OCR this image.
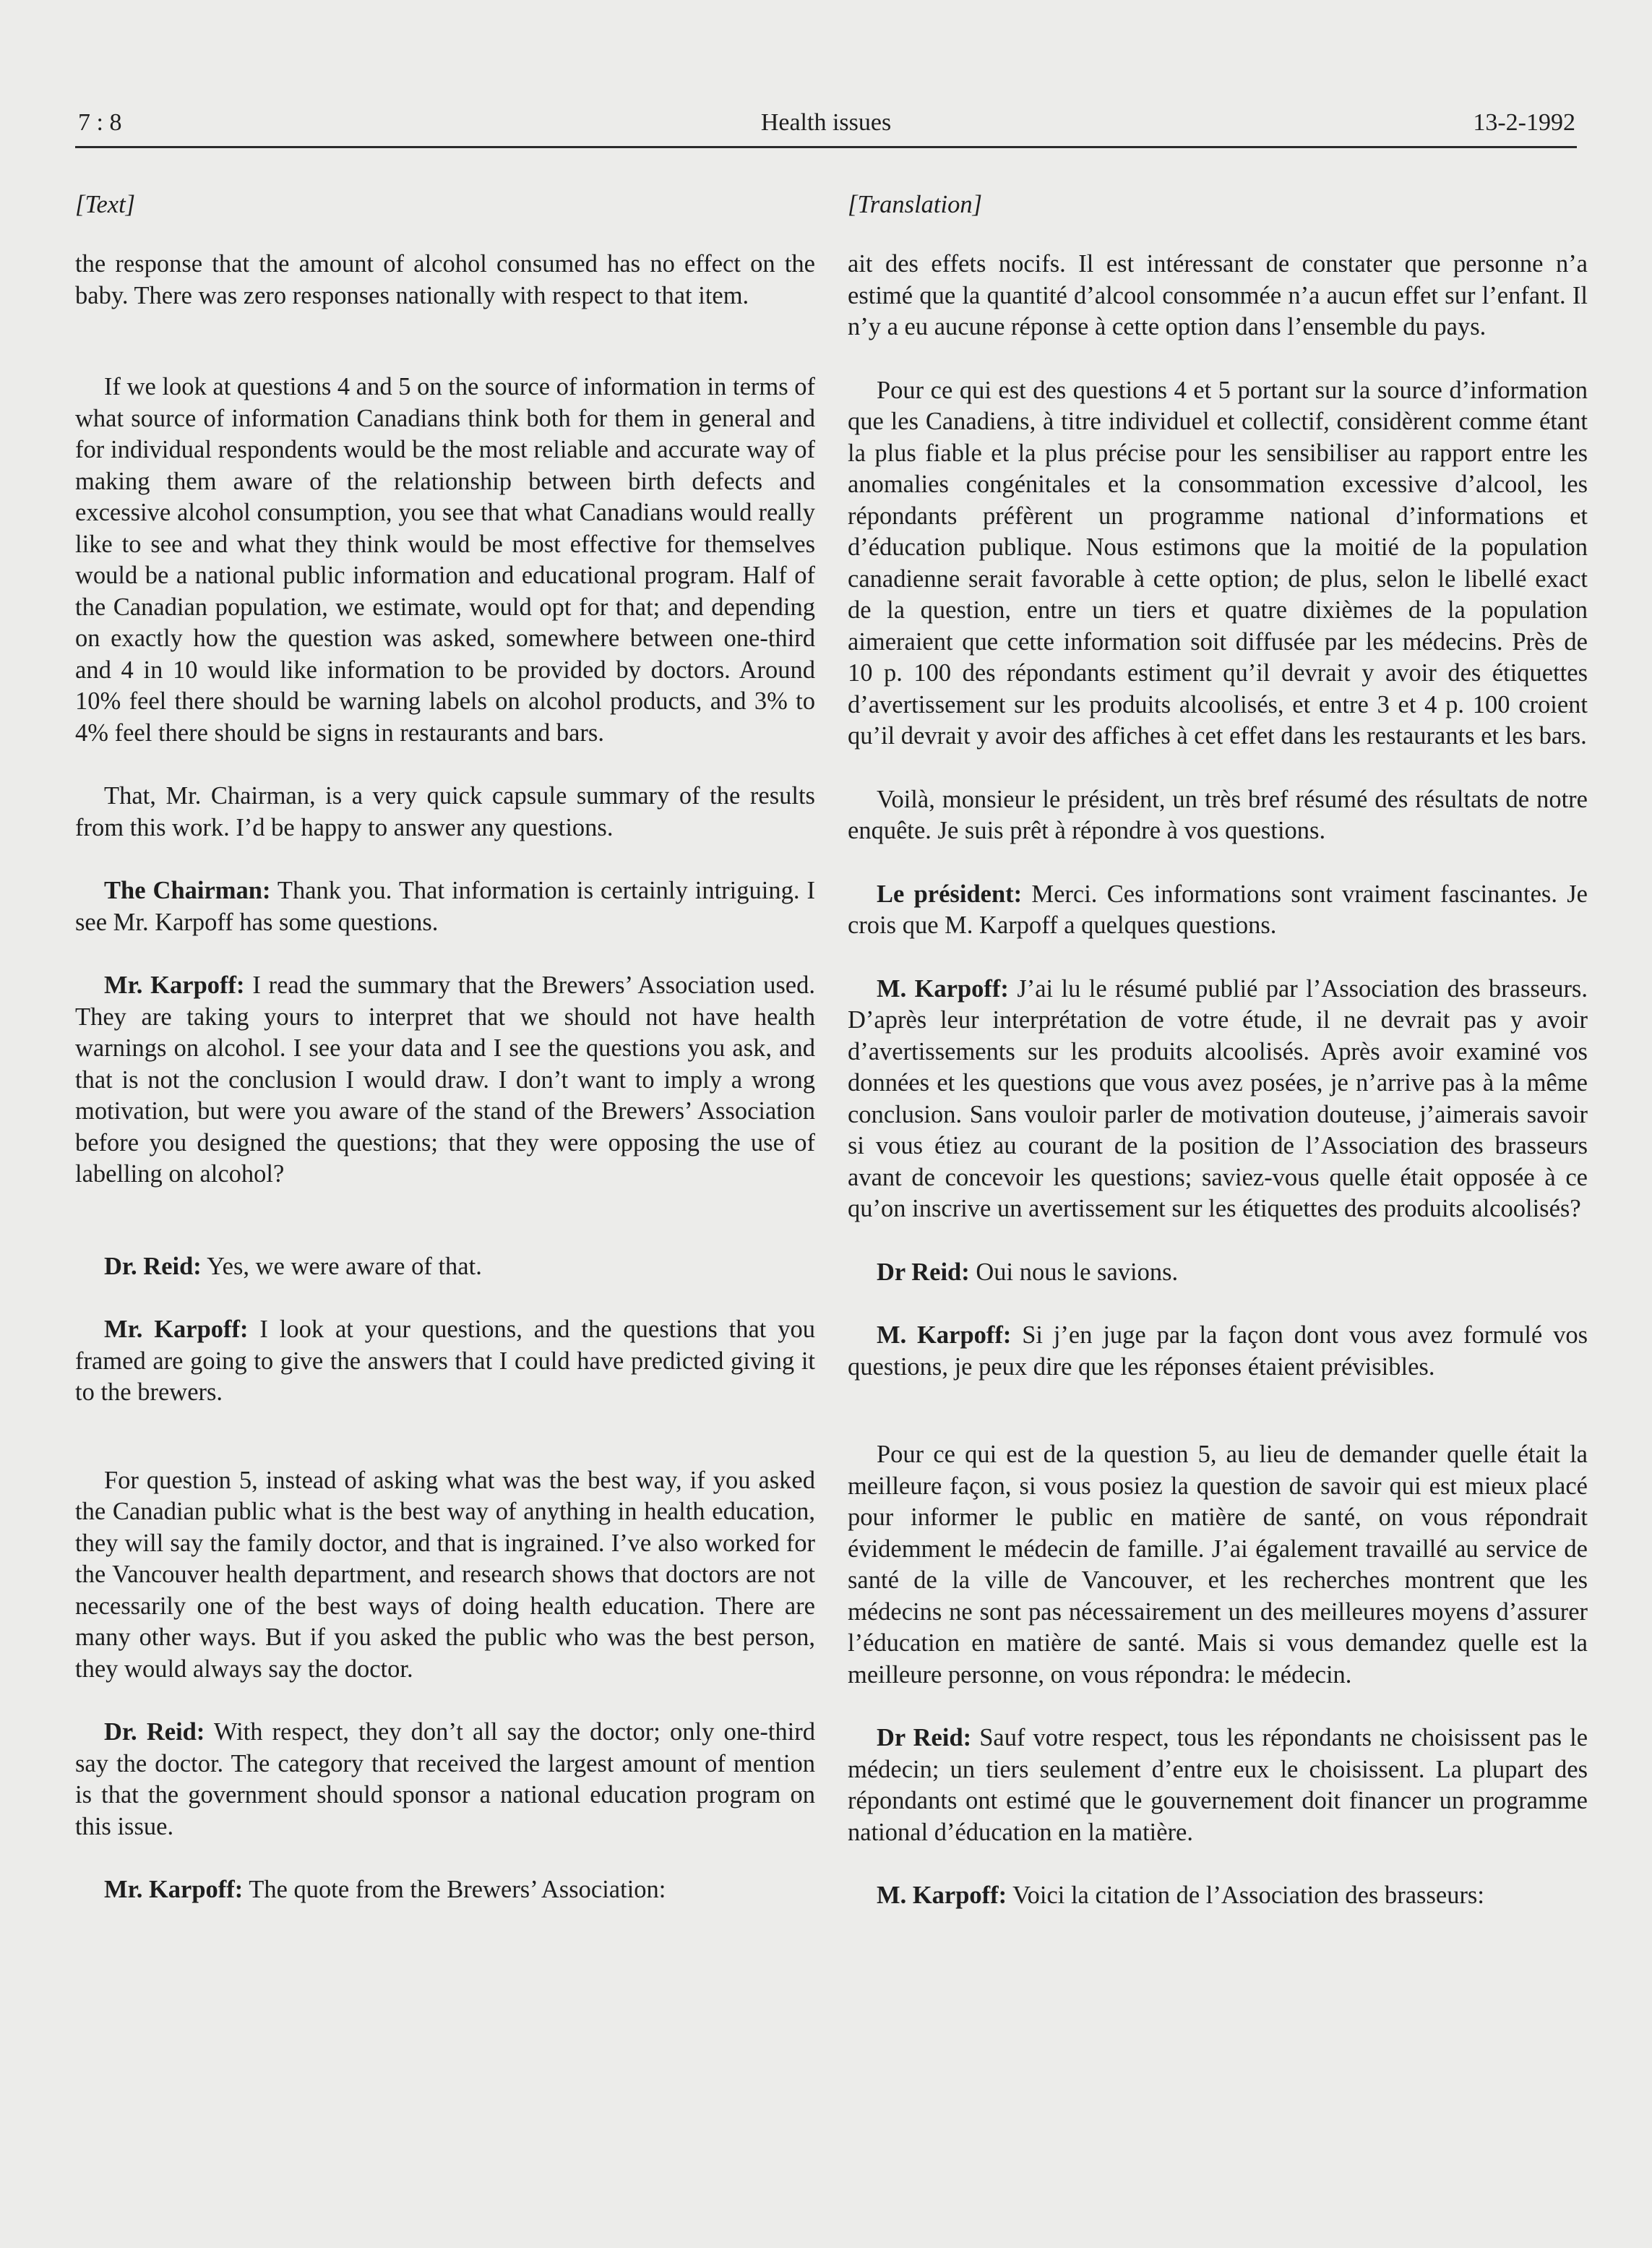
7 : 8	Health issues	13-2-1992
[Text]

the response that the amount of alcohol consumed has no effect on the baby. There was zero responses nationally with respect to that item.

If we look at questions 4 and 5 on the source of information in terms of what source of information Canadians think both for them in general and for individual respondents would be the most reliable and accurate way of making them aware of the relationship between birth defects and excessive alcohol consumption, you see that what Canadians would really like to see and what they think would be most effective for themselves would be a national public information and educational program. Half of the Canadian population, we estimate, would opt for that; and depending on exactly how the question was asked, somewhere between one-third and 4 in 10 would like information to be provided by doctors. Around 10% feel there should be warning labels on alcohol products, and 3% to 4% feel there should be signs in restaurants and bars.

That, Mr. Chairman, is a very quick capsule summary of the results from this work. I’d be happy to answer any questions.

The Chairman: Thank you. That information is certainly intriguing. I see Mr. Karpoff has some questions.

Mr. Karpoff: I read the summary that the Brewers’ Association used. They are taking yours to interpret that we should not have health warnings on alcohol. I see your data and I see the questions you ask, and that is not the conclusion I would draw. I don’t want to imply a wrong motivation, but were you aware of the stand of the Brewers’ Association before you designed the questions; that they were opposing the use of labelling on alcohol?

Dr. Reid: Yes, we were aware of that.

Mr. Karpoff: I look at your questions, and the questions that you framed are going to give the answers that I could have predicted giving it to the brewers.

For question 5, instead of asking what was the best way, if you asked the Canadian public what is the best way of anything in health education, they will say the family doctor, and that is ingrained. I’ve also worked for the Vancouver health department, and research shows that doctors are not necessarily one of the best ways of doing health education. There are many other ways. But if you asked the public who was the best person, they would always say the doctor.

Dr. Reid: With respect, they don’t all say the doctor; only one-third say the doctor. The category that received the largest amount of mention is that the government should sponsor a national education program on this issue.

Mr. Karpoff: The quote from the Brewers’ Association:

[Translation]

ait des effets nocifs. Il est intéressant de constater que personne n’a estimé que la quantité d’alcool consommée n’a aucun effet sur l’enfant. Il n’y a eu aucune réponse à cette option dans l’ensemble du pays.

Pour ce qui est des questions 4 et 5 portant sur la source d’information que les Canadiens, à titre individuel et collectif, considèrent comme étant la plus fiable et la plus précise pour les sensibiliser au rapport entre les anomalies congénitales et la consommation excessive d’alcool, les répondants préfèrent un programme national d’informations et d’éducation publique. Nous estimons que la moitié de la population canadienne serait favorable à cette option; de plus, selon le libellé exact de la question, entre un tiers et quatre dixièmes de la population aimeraient que cette information soit diffusée par les médecins. Près de 10 p. 100 des répondants estiment qu’il devrait y avoir des étiquettes d’avertissement sur les produits alcoolisés, et entre 3 et 4 p. 100 croient qu’il devrait y avoir des affiches à cet effet dans les restaurants et les bars.

Voilà, monsieur le président, un très bref résumé des résultats de notre enquête. Je suis prêt à répondre à vos questions.

Le président: Merci. Ces informations sont vraiment fascinantes. Je crois que M. Karpoff a quelques questions.

M. Karpoff: J’ai lu le résumé publié par l’Association des brasseurs. D’après leur interprétation de votre étude, il ne devrait pas y avoir d’avertissements sur les produits alcoolisés. Après avoir examiné vos données et les questions que vous avez posées, je n’arrive pas à la même conclusion. Sans vouloir parler de motivation douteuse, j’aimerais savoir si vous étiez au courant de la position de l’Association des brasseurs avant de concevoir les questions; saviez-vous quelle était opposée à ce qu’on inscrive un avertissement sur les étiquettes des produits alcoolisés?

Dr Reid: Oui nous le savions.

M. Karpoff: Si j’en juge par la façon dont vous avez formulé vos questions, je peux dire que les réponses étaient prévisibles.

Pour ce qui est de la question 5, au lieu de demander quelle était la meilleure façon, si vous posiez la question de savoir qui est mieux placé pour informer le public en matière de santé, on vous répondrait évidemment le médecin de famille. J’ai également travaillé au service de santé de la ville de Vancouver, et les recherches montrent que les médecins ne sont pas nécessairement un des meilleures moyens d’assurer l’éducation en matière de santé. Mais si vous demandez quelle est la meilleure personne, on vous répondra: le médecin.

Dr Reid: Sauf votre respect, tous les répondants ne choisissent pas le médecin; un tiers seulement d’entre eux le choisissent. La plupart des répondants ont estimé que le gouvernement doit financer un programme national d’éducation en la matière.

M. Karpoff: Voici la citation de l’Association des brasseurs:
